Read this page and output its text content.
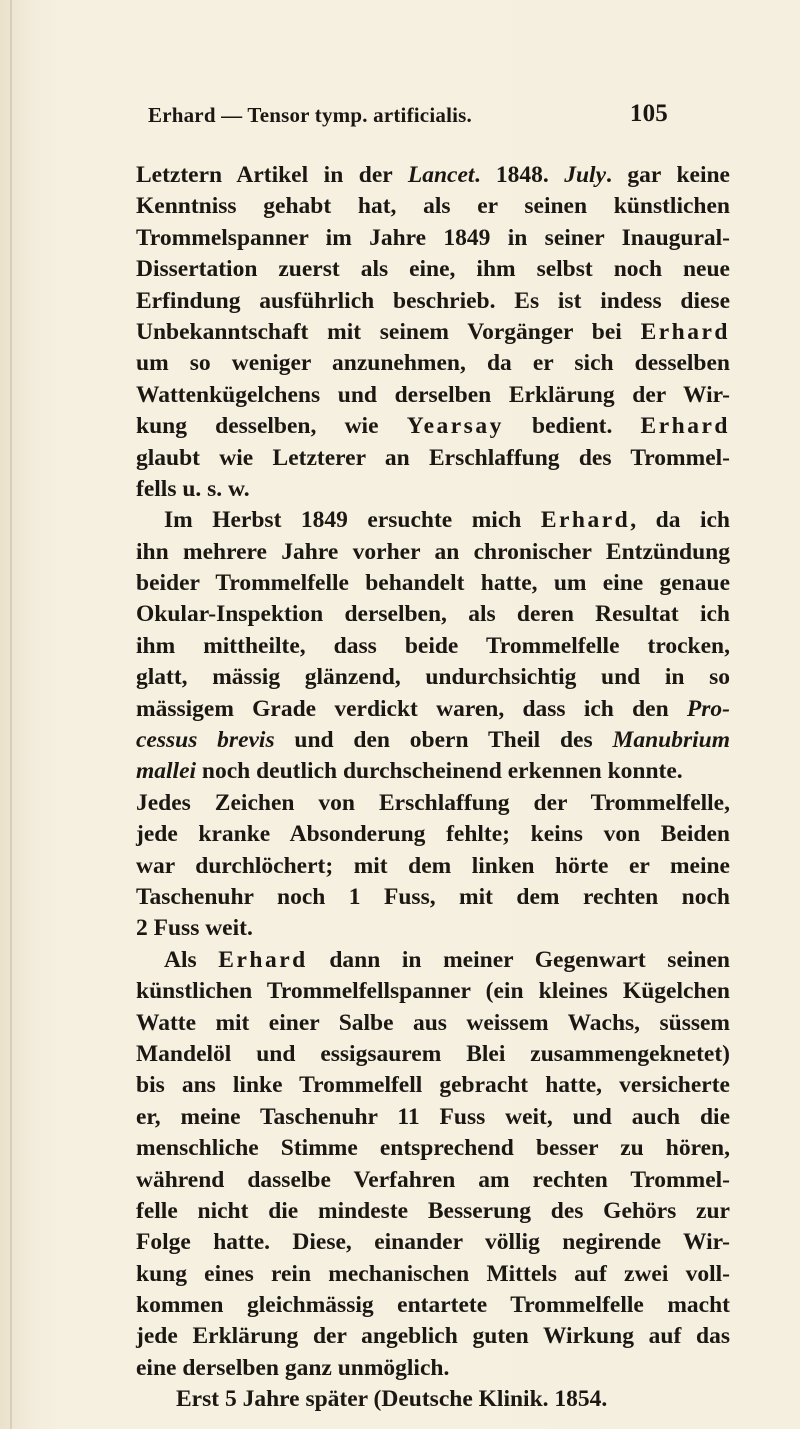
Erhard — Tensor tymp. artificialis.	105
Letztern Artikel in der Lancet. 1848. July. gar keine
Kenntniss gehabt hat, als er seinen künstlichen
Trommelspanner im Jahre 1849 in seiner Inaugural-
Dissertation zuerst als eine, ihm selbst noch neue
Erfindung ausführlich beschrieb. Es ist indess diese
Unbekanntschaft mit seinem Vorgänger bei Erhard
um so weniger anzunehmen, da er sich desselben
Wattenkügelchens und derselben Erklärung der Wir-
kung desselben, wie Yearsay bedient. Erhard
glaubt wie Letzterer an Erschlaffung des Trommel-
fells u. s. w.
Im Herbst 1849 ersuchte mich Erhard, da ich
ihn mehrere Jahre vorher an chronischer Entzündung
beider Trommelfelle behandelt hatte, um eine genaue
Okular-Inspektion derselben, als deren Resultat ich
ihm mittheilte, dass beide Trommelfelle trocken,
glatt, mässig glänzend, undurchsichtig und in so
mässigem Grade verdickt waren, dass ich den Pro-
cessus brevis und den obern Theil des Manubrium
mallei noch deutlich durchscheinend erkennen konnte.
Jedes Zeichen von Erschlaffung der Trommelfelle,
jede kranke Absonderung fehlte; keins von Beiden
war durchlöchert; mit dem linken hörte er meine
Taschenuhr noch 1 Fuss, mit dem rechten noch
2 Fuss weit.
Als Erhard dann in meiner Gegenwart seinen
künstlichen Trommelfellspanner (ein kleines Kügelchen
Watte mit einer Salbe aus weissem Wachs, süssem
Mandelöl und essigsaurem Blei zusammengeknetet)
bis ans linke Trommelfell gebracht hatte, versicherte
er, meine Taschenuhr 11 Fuss weit, und auch die
menschliche Stimme entsprechend besser zu hören,
während dasselbe Verfahren am rechten Trommel-
felle nicht die mindeste Besserung des Gehörs zur
Folge hatte. Diese, einander völlig negirende Wir-
kung eines rein mechanischen Mittels auf zwei voll-
kommen gleichmässig entartete Trommelfelle macht
jede Erklärung der angeblich guten Wirkung auf das
eine derselben ganz unmöglich.
Erst 5 Jahre später (Deutsche Klinik. 1854.
